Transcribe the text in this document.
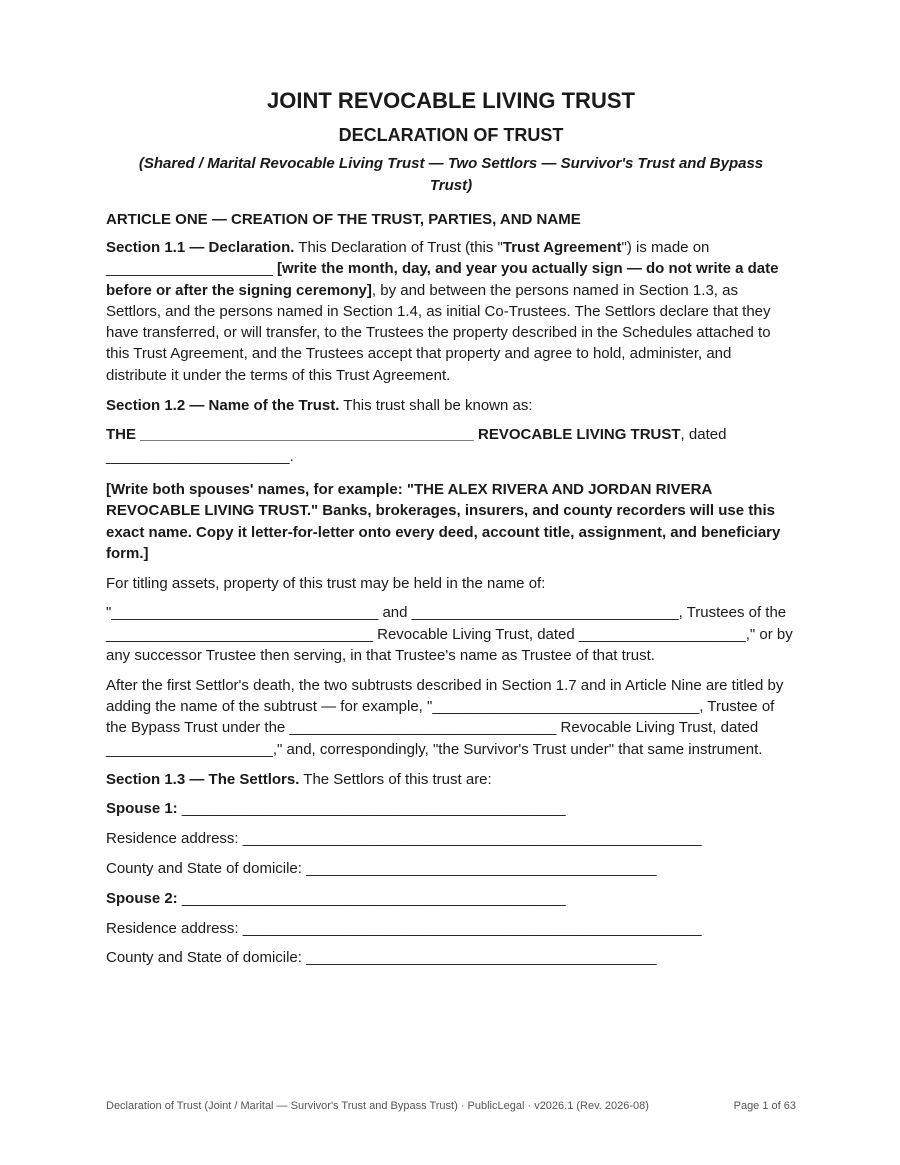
JOINT REVOCABLE LIVING TRUST
DECLARATION OF TRUST
(Shared / Marital Revocable Living Trust — Two Settlors — Survivor's Trust and Bypass Trust)
ARTICLE ONE — CREATION OF THE TRUST, PARTIES, AND NAME

Section 1.1 — Declaration. This Declaration of Trust (this "Trust Agreement") is made on ____________________ [write the month, day, and year you actually sign — do not write a date before or after the signing ceremony], by and between the persons named in Section 1.3, as Settlors, and the persons named in Section 1.4, as initial Co-Trustees. The Settlors declare that they have transferred, or will transfer, to the Trustees the property described in the Schedules attached to this Trust Agreement, and the Trustees accept that property and agree to hold, administer, and distribute it under the terms of this Trust Agreement.

Section 1.2 — Name of the Trust. This trust shall be known as:

THE ________________________________________ REVOCABLE LIVING TRUST, dated ______________________.

[Write both spouses' names, for example: "THE ALEX RIVERA AND JORDAN RIVERA REVOCABLE LIVING TRUST." Banks, brokerages, insurers, and county recorders will use this exact name. Copy it letter-for-letter onto every deed, account title, assignment, and beneficiary form.]

For titling assets, property of this trust may be held in the name of:

"________________________________ and ________________________________, Trustees of the ________________________________ Revocable Living Trust, dated ____________________," or by any successor Trustee then serving, in that Trustee's name as Trustee of that trust.

After the first Settlor's death, the two subtrusts described in Section 1.7 and in Article Nine are titled by adding the name of the subtrust — for example, "________________________________, Trustee of the Bypass Trust under the ________________________________ Revocable Living Trust, dated ____________________," and, correspondingly, "the Survivor's Trust under" that same instrument.

Section 1.3 — The Settlors. The Settlors of this trust are:

Spouse 1: ______________________________________________
Residence address: _______________________________________________________
County and State of domicile: __________________________________________
Spouse 2: ______________________________________________
Residence address: _______________________________________________________
County and State of domicile: __________________________________________
Declaration of Trust (Joint / Marital — Survivor's Trust and Bypass Trust) · PublicLegal · v2026.1 (Rev. 2026-08)	Page 1 of 63
